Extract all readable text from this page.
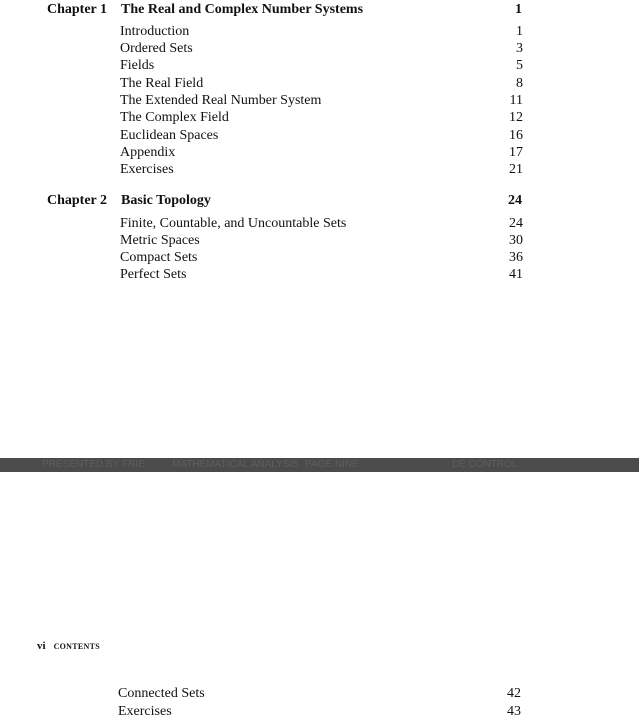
Chapter 1 The Real and Complex Number Systems	1
Introduction	1
Ordered Sets	3
Fields	5
The Real Field	8
The Extended Real Number System	11
The Complex Field	12
Euclidean Spaces	16
Appendix	17
Exercises	21
Chapter 2 Basic Topology	24
Finite, Countable, and Uncountable Sets	24
Metric Spaces	30
Compact Sets	36
Perfect Sets	41
PRESENTED BY FRIE	MATHEMATICAL ANALYSIS PAGE NINE	DE CONTROL
vi CONTENTS
Connected Sets	42
Exercises	43
